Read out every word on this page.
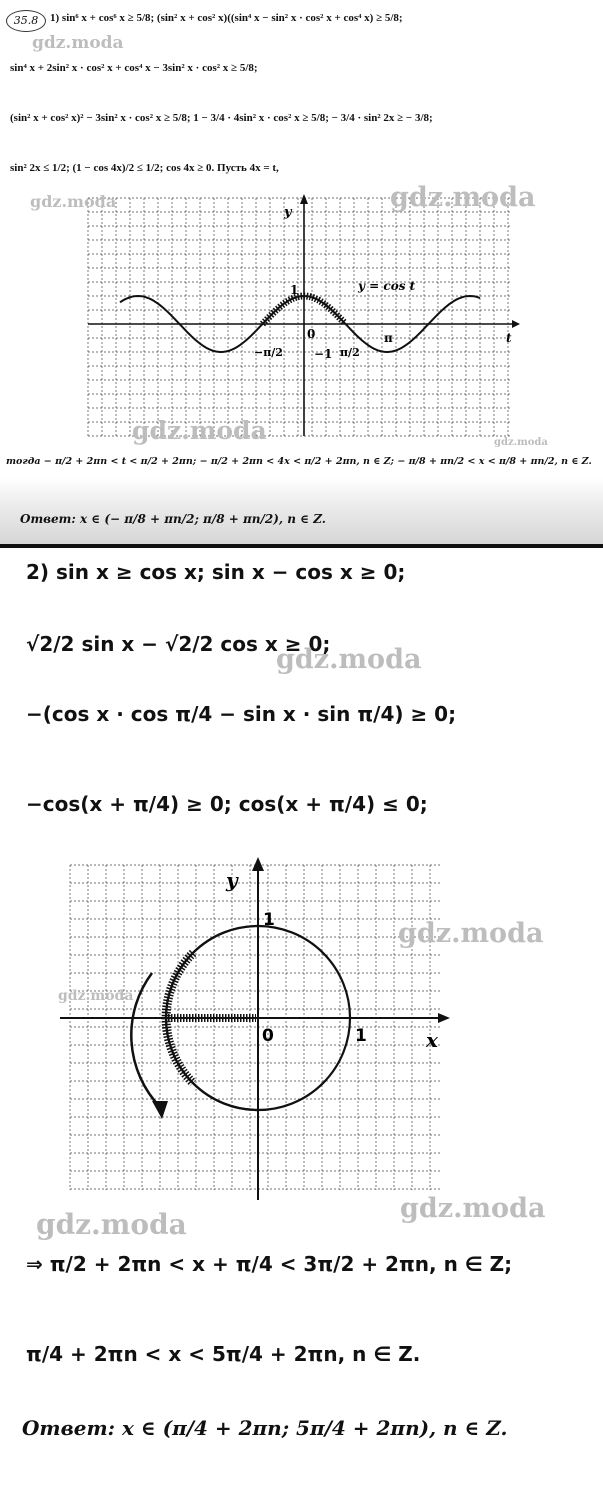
35.8	1) sin⁶ x + cos⁶ x ≥ 5/8; (sin² x + cos² x)((sin⁴ x − sin² x · cos² x + cos⁴ x) ≥ 5/8;
sin⁴ x + 2sin² x · cos² x + cos⁴ x − 3sin² x · cos² x ≥ 5/8;
(sin² x + cos² x)² − 3sin² x · cos² x ≥ 5/8; 1 − 3/4 · 4sin² x · cos² x ≥ 5/8; − 3/4 · sin² 2x ≥ − 3/8;
sin² 2x ≤ 1/2; (1 − cos 4x)/2 ≤ 1/2; cos 4x ≥ 0. Пусть 4x = t,
y
t
y = cos t
0
1
−1
−π/2	π/2
π
тогда − π/2 + 2πn < t < π/2 + 2πn; − π/2 + 2πn < 4x < π/2 + 2πn, n ∈ Z; − π/8 + πn/2 < x < π/8 + πn/2, n ∈ Z.
Ответ: x ∈ (− π/8 + πn/2; π/8 + πn/2), n ∈ Z.
gdz.moda
gdz.moda	gdz.moda
gdz.moda	gdz.moda
2) sin x ≥ cos x; sin x − cos x ≥ 0;
√2/2 sin x − √2/2 cos x ≥ 0;
−(cos x · cos π/4 − sin x · sin π/4) ≥ 0;
−cos(x + π/4) ≥ 0; cos(x + π/4) ≤ 0;
y
x
0	1
1
⇒ π/2 + 2πn < x + π/4 < 3π/2 + 2πn, n ∈ Z;
π/4 + 2πn < x < 5π/4 + 2πn, n ∈ Z.
Ответ: x ∈ (π/4 + 2πn; 5π/4 + 2πn), n ∈ Z.
gdz.moda
gdz.moda
gdz.moda
gdz.moda	gdz.moda
